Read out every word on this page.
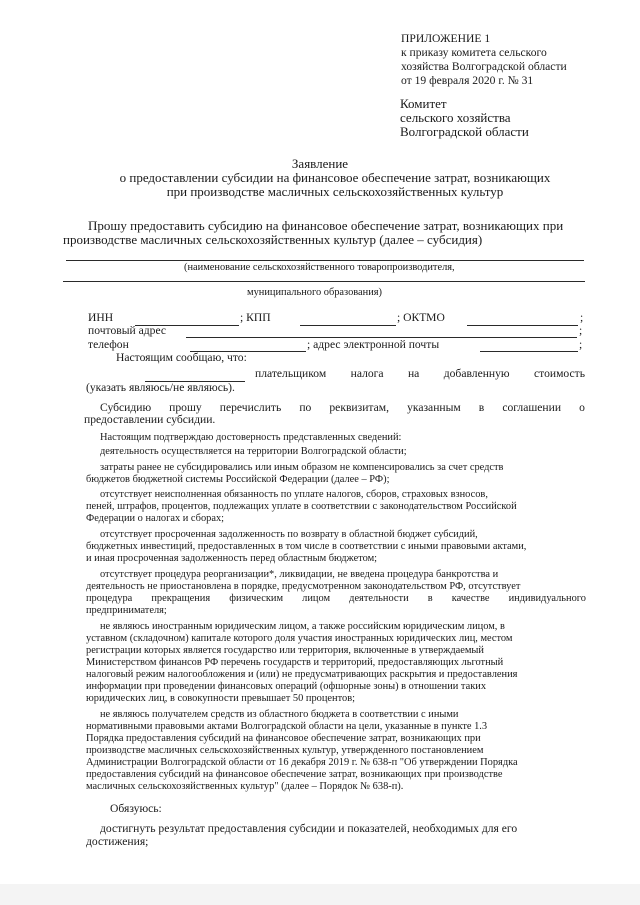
ПРИЛОЖЕНИЕ 1
к приказу комитета сельского
хозяйства Волгоградской области
от 19 февраля 2020 г. № 31
Комитет
сельского хозяйства
Волгоградской области
Заявление
о предоставлении субсидии на финансовое обеспечение затрат, возникающих
при производстве масличных сельскохозяйственных культур
Прошу предоставить субсидию на финансовое обеспечение затрат, возникающих при
производстве масличных сельскохозяйственных культур (далее – субсидия)
(наименование сельскохозяйственного товаропроизводителя,
муниципального образования)
ИНН	; КПП	; ОКТМО	;
почтовый адрес	;
телефон	; адрес электронной почты	;
Настоящим сообщаю, что:
плательщиком налога на добавленную стоимость
(указать являюсь/не являюсь).
Субсидию прошу перечислить по реквизитам, указанным в соглашении о
предоставлении субсидии.
Настоящим подтверждаю достоверность представленных сведений:
деятельность осуществляется на территории Волгоградской области;
затраты ранее не субсидировались или иным образом не компенсировались за счет средств
бюджетов бюджетной системы Российской Федерации (далее – РФ);
отсутствует неисполненная обязанность по уплате налогов, сборов, страховых взносов,
пеней, штрафов, процентов, подлежащих уплате в соответствии с законодательством Российской
Федерации о налогах и сборах;
отсутствует просроченная задолженность по возврату в областной бюджет субсидий,
бюджетных инвестиций, предоставленных в том числе в соответствии с иными правовыми актами,
и иная просроченная задолженность перед областным бюджетом;
отсутствует процедура реорганизации*, ликвидации, не введена процедура банкротства и
деятельность не приостановлена в порядке, предусмотренном законодательством РФ, отсутствует
процедура прекращения физическим лицом деятельности в качестве индивидуального
предпринимателя;
не являюсь иностранным юридическим лицом, а также российским юридическим лицом, в
уставном (складочном) капитале которого доля участия иностранных юридических лиц, местом
регистрации которых является государство или территория, включенные в утверждаемый
Министерством финансов РФ перечень государств и территорий, предоставляющих льготный
налоговый режим налогообложения и (или) не предусматривающих раскрытия и предоставления
информации при проведении финансовых операций (офшорные зоны) в отношении таких
юридических лиц, в совокупности превышает 50 процентов;
не являюсь получателем средств из областного бюджета в соответствии с иными
нормативными правовыми актами Волгоградской области на цели, указанные в пункте 1.3
Порядка предоставления субсидий на финансовое обеспечение затрат, возникающих при
производстве масличных сельскохозяйственных культур, утвержденного постановлением
Администрации Волгоградской области от 16 декабря 2019 г. № 638-п "Об утверждении Порядка
предоставления субсидий на финансовое обеспечение затрат, возникающих при производстве
масличных сельскохозяйственных культур" (далее – Порядок № 638-п).
Обязуюсь:
достигнуть результат предоставления субсидии и показателей, необходимых для его
достижения;
